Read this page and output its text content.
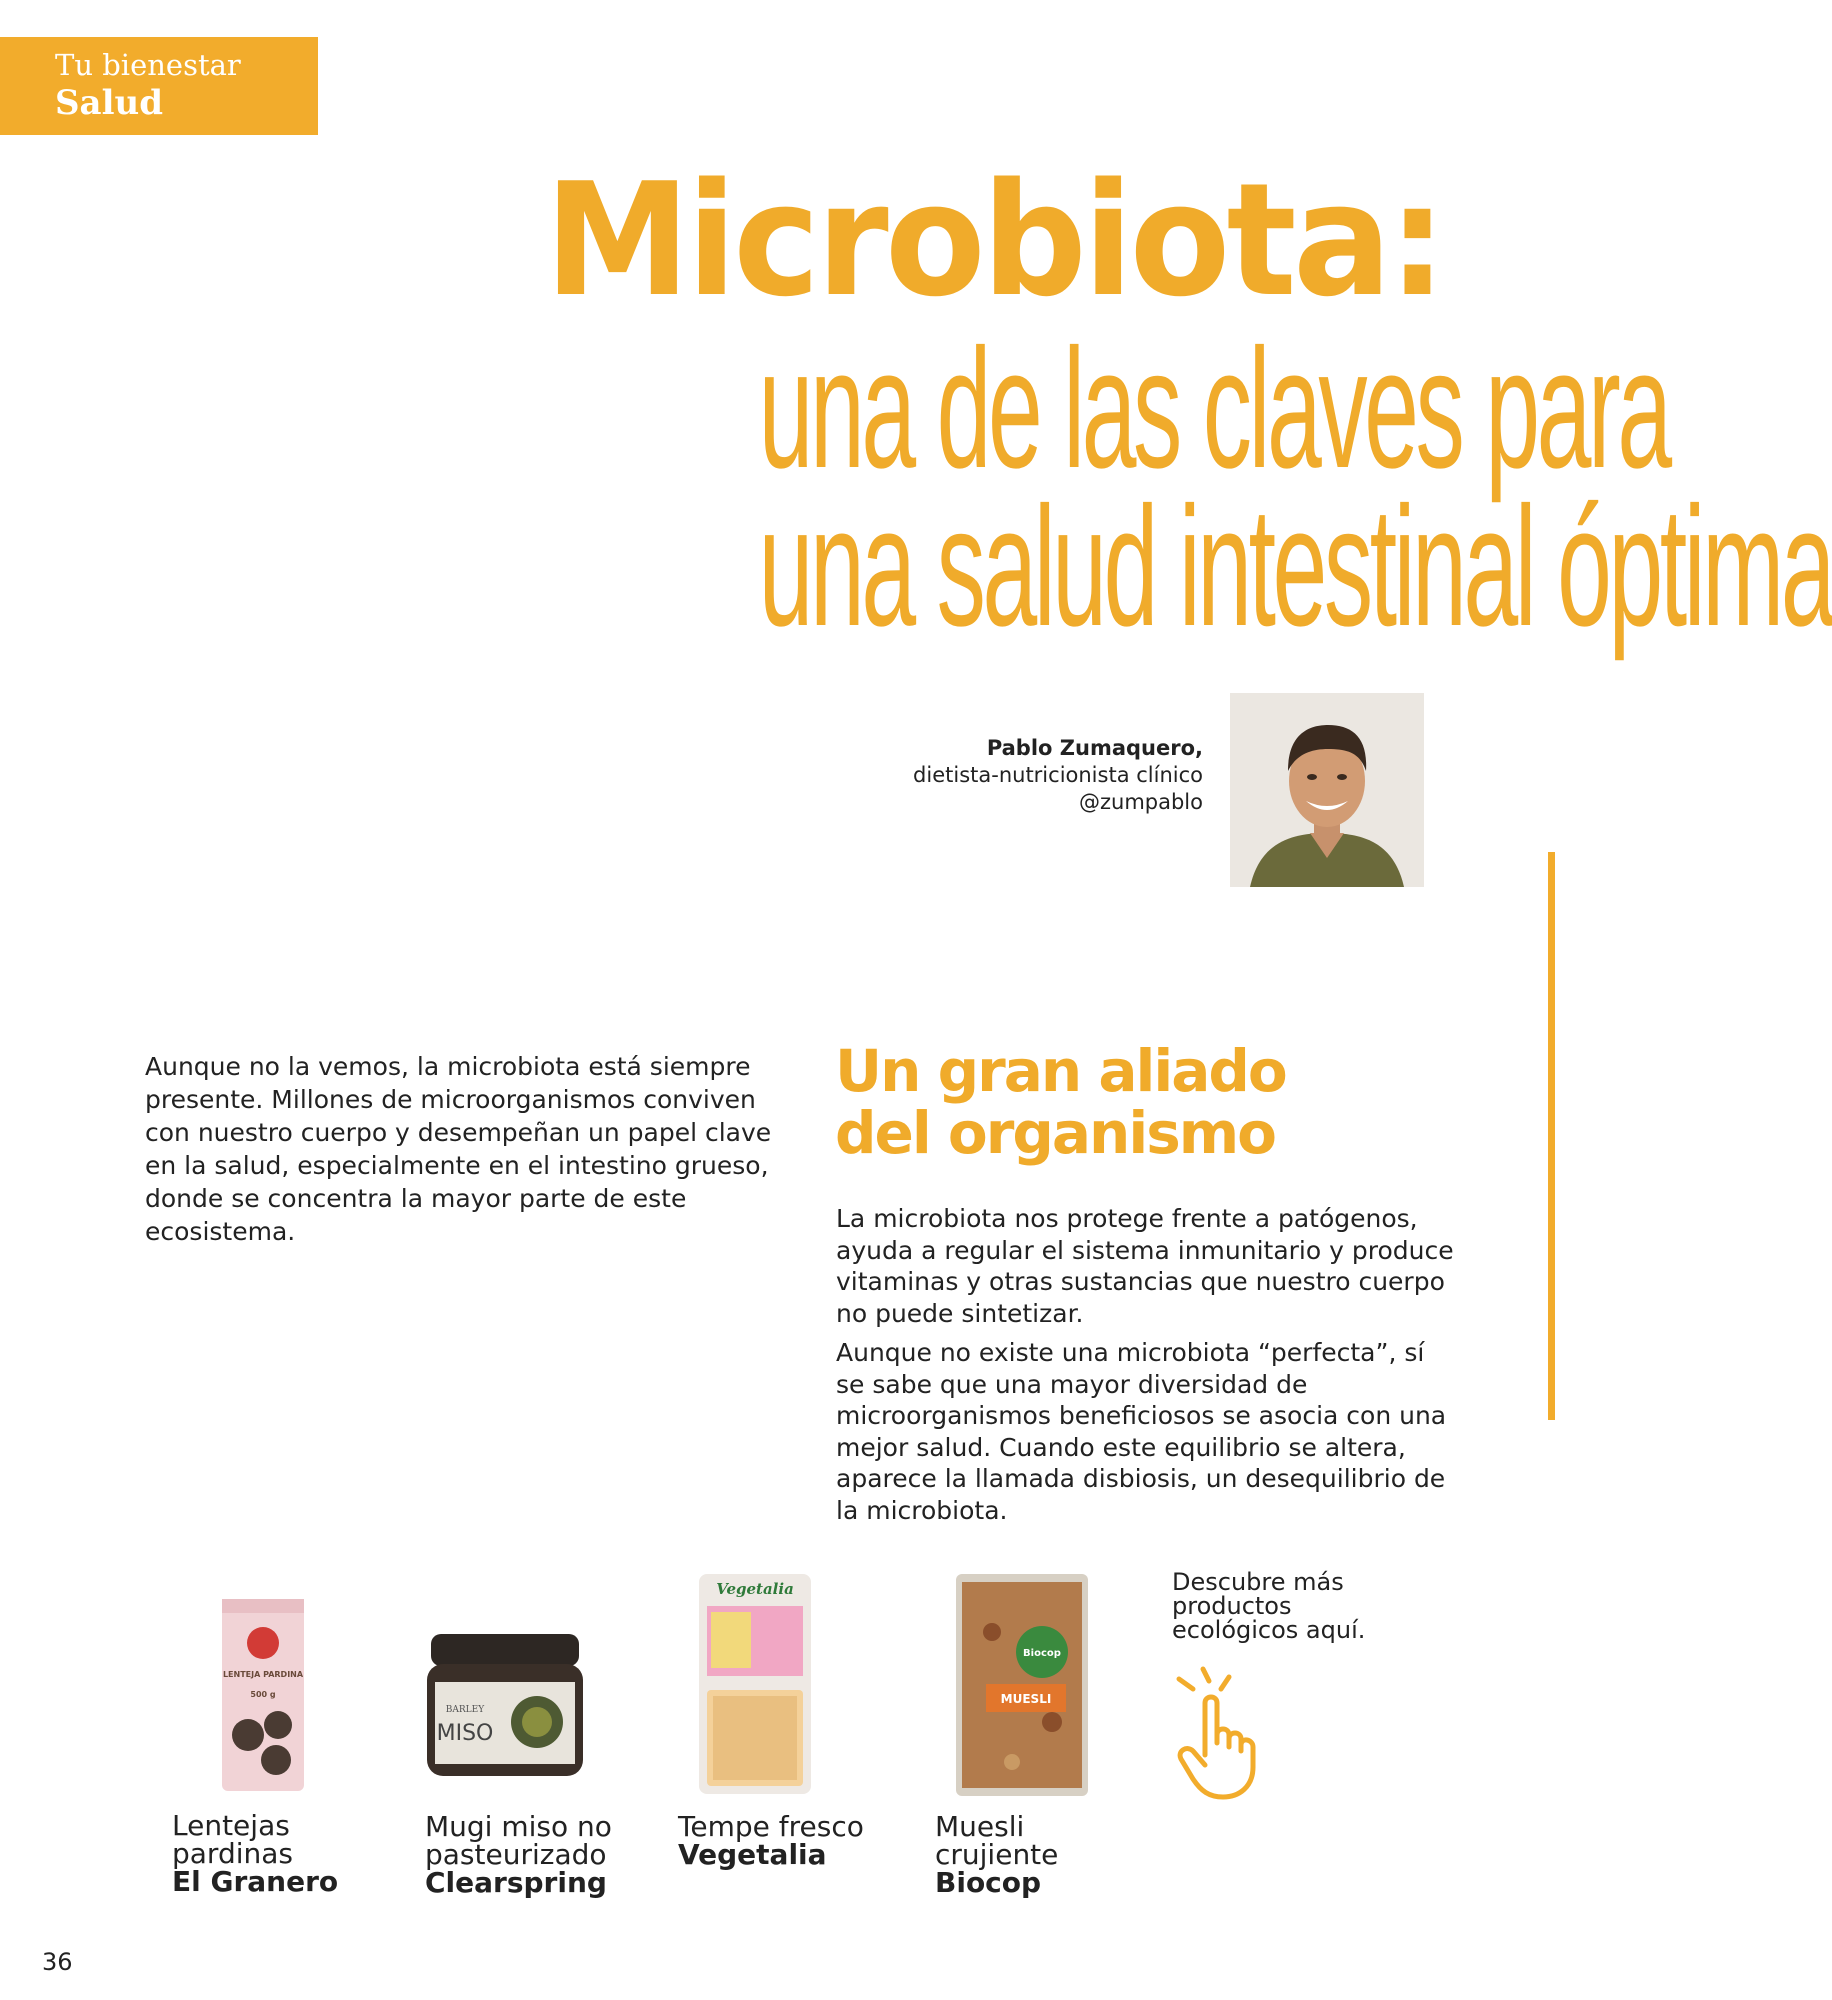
Tu bienestar
Salud
Microbiota:
una de las claves para
una salud intestinal óptima
Pablo Zumaquero,
dietista-nutricionista clínico
@zumpablo
Aunque no la vemos, la microbiota está siempre presente. Millones de microorganismos conviven con nuestro cuerpo y desempeñan un papel clave en la salud, especialmente en el intestino grueso, donde se concentra la mayor parte de este ecosistema.
Un gran aliado del organismo

La microbiota nos protege frente a patógenos, ayuda a regular el sistema inmunitario y produce vitaminas y otras sustancias que nuestro cuerpo no puede sintetizar.

Aunque no existe una microbiota “perfecta”, sí se sabe que una mayor diversidad de microorganismos beneficiosos se asocia con una mejor salud. Cuando este equilibrio se altera, aparece la llamada disbiosis, un desequilibrio de la microbiota.

LENTEJA PARDINA
500 g
Lentejas pardinas
El Granero
BARLEY
MISO
Mugi miso no pasteurizado
Clearspring
Vegetalia
Tempe fresco
Vegetalia
Biocop
MUESLI
Muesli crujiente
Biocop
Descubre más productos ecológicos aquí.
36
